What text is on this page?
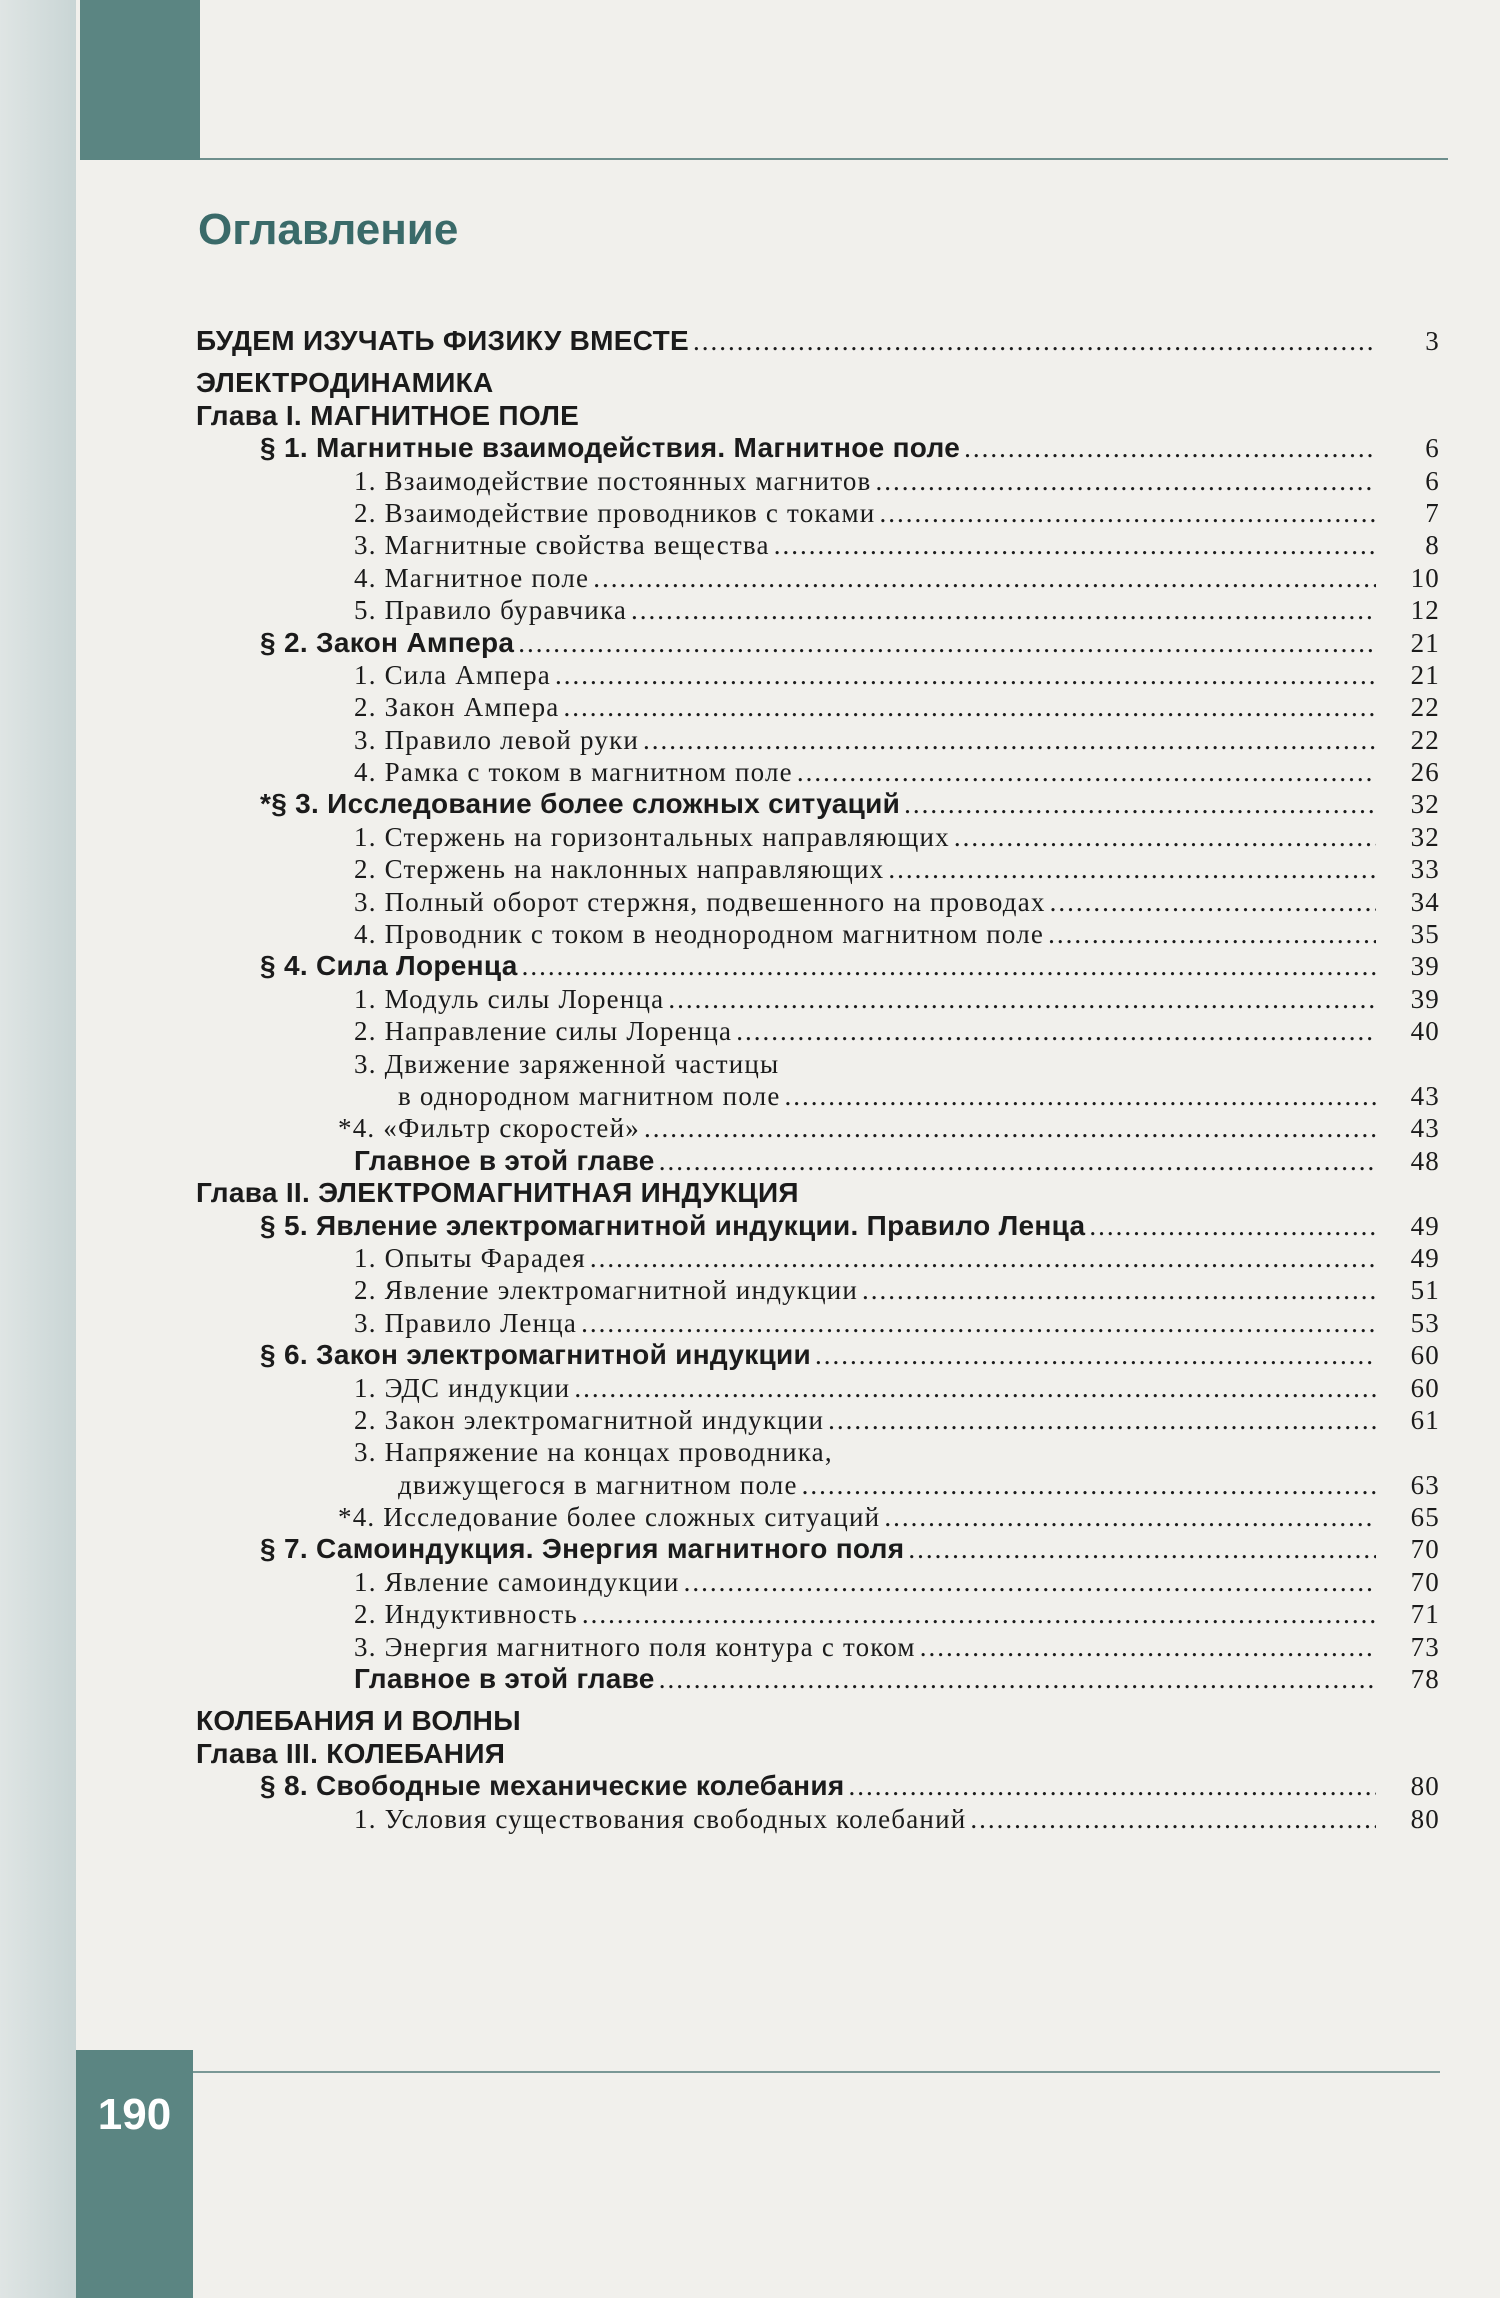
Оглавление
БУДЕМ ИЗУЧАТЬ ФИЗИКУ ВМЕСТЕ .....	3
ЭЛЕКТРОДИНАМИКА
Глава I. МАГНИТНОЕ ПОЛЕ
§ 1. Магнитные взаимодействия. Магнитное поле .....	6
1. Взаимодействие постоянных магнитов .....	6
2. Взаимодействие проводников с токами .....	7
3. Магнитные свойства вещества .....	8
4. Магнитное поле .....	10
5. Правило буравчика .....	12
§ 2. Закон Ампера .....	21
1. Сила Ампера .....	21
2. Закон Ампера .....	22
3. Правило левой руки .....	22
4. Рамка с током в магнитном поле .....	26
*§ 3. Исследование более сложных ситуаций .....	32
1. Стержень на горизонтальных направляющих .....	32
2. Стержень на наклонных направляющих .....	33
3. Полный оборот стержня, подвешенного на проводах .....	34
4. Проводник с током в неоднородном магнитном поле .....	35
§ 4. Сила Лоренца .....	39
1. Модуль силы Лоренца .....	39
2. Направление силы Лоренца .....	40
3. Движение заряженной частицы
в однородном магнитном поле .....	43
*4. «Фильтр скоростей» .....	43
Главное в этой главе .....	48
Глава II. ЭЛЕКТРОМАГНИТНАЯ ИНДУКЦИЯ
§ 5. Явление электромагнитной индукции. Правило Ленца .....	49
1. Опыты Фарадея .....	49
2. Явление электромагнитной индукции .....	51
3. Правило Ленца .....	53
§ 6. Закон электромагнитной индукции .....	60
1. ЭДС индукции .....	60
2. Закон электромагнитной индукции .....	61
3. Напряжение на концах проводника,
движущегося в магнитном поле .....	63
*4. Исследование более сложных ситуаций .....	65
§ 7. Самоиндукция. Энергия магнитного поля .....	70
1. Явление самоиндукции .....	70
2. Индуктивность .....	71
3. Энергия магнитного поля контура с током .....	73
Главное в этой главе .....	78
КОЛЕБАНИЯ И ВОЛНЫ
Глава III. КОЛЕБАНИЯ
§ 8. Свободные механические колебания .....	80
1. Условия существования свободных колебаний .....	80
190
